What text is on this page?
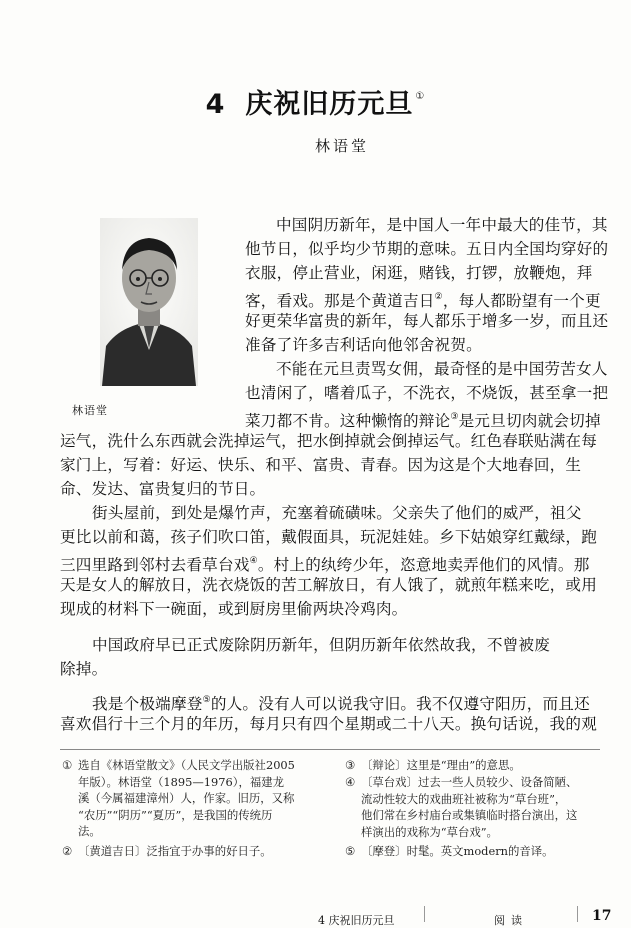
4 庆祝旧历元旦 ①
林语堂
林语堂
中国阴历新年，是中国人一年中最大的佳节，其
他节日，似乎均少节期的意味。五日内全国均穿好的
衣服，停止营业，闲逛，赌钱，打锣，放鞭炮，拜
客，看戏。那是个黄道吉日②，每人都盼望有一个更
好更荣华富贵的新年，每人都乐于增多一岁，而且还
准备了许多吉利话向他邻舍祝贺。
不能在元旦责骂女佣，最奇怪的是中国劳苦女人
也清闲了，嗜着瓜子，不洗衣，不烧饭，甚至拿一把
菜刀都不肯。这种懒惰的辩论③是元旦切肉就会切掉
运气，洗什么东西就会洗掉运气，把水倒掉就会倒掉运气。红色春联贴满在每
家门上，写着：好运、快乐、和平、富贵、青春。因为这是个大地春回，生
命、发达、富贵复归的节日。
街头屋前，到处是爆竹声，充塞着硫磺味。父亲失了他们的威严，祖父
更比以前和蔼，孩子们吹口笛，戴假面具，玩泥娃娃。乡下姑娘穿红戴绿，跑
三四里路到邻村去看草台戏④。村上的纨绔少年，恣意地卖弄他们的风情。那
天是女人的解放日，洗衣烧饭的苦工解放日，有人饿了，就煎年糕来吃，或用
现成的材料下一碗面，或到厨房里偷两块冷鸡肉。
中国政府早已正式废除阴历新年，但阴历新年依然故我，不曾被废
除掉。
我是个极端摩登⑤的人。没有人可以说我守旧。我不仅遵守阳历，而且还
喜欢倡行十三个月的年历，每月只有四个星期或二十八天。换句话说，我的观
① 选自《林语堂散文》（人民文学出版社2005
年版）。林语堂（1895—1976），福建龙
溪（今属福建漳州）人，作家。旧历，又称
“农历”“阴历”“夏历”，是我国的传统历
法。
② 〔黄道吉日〕泛指宜于办事的好日子。
③ 〔辩论〕这里是“理由”的意思。
④ 〔草台戏〕过去一些人员较少、设备简陋、
流动性较大的戏曲班社被称为“草台班”，
他们常在乡村庙台或集镇临时搭台演出，这
样演出的戏称为“草台戏”。
⑤ 〔摩登〕时髦。英文modern的音译。
4 庆祝旧历元旦	阅读	17
